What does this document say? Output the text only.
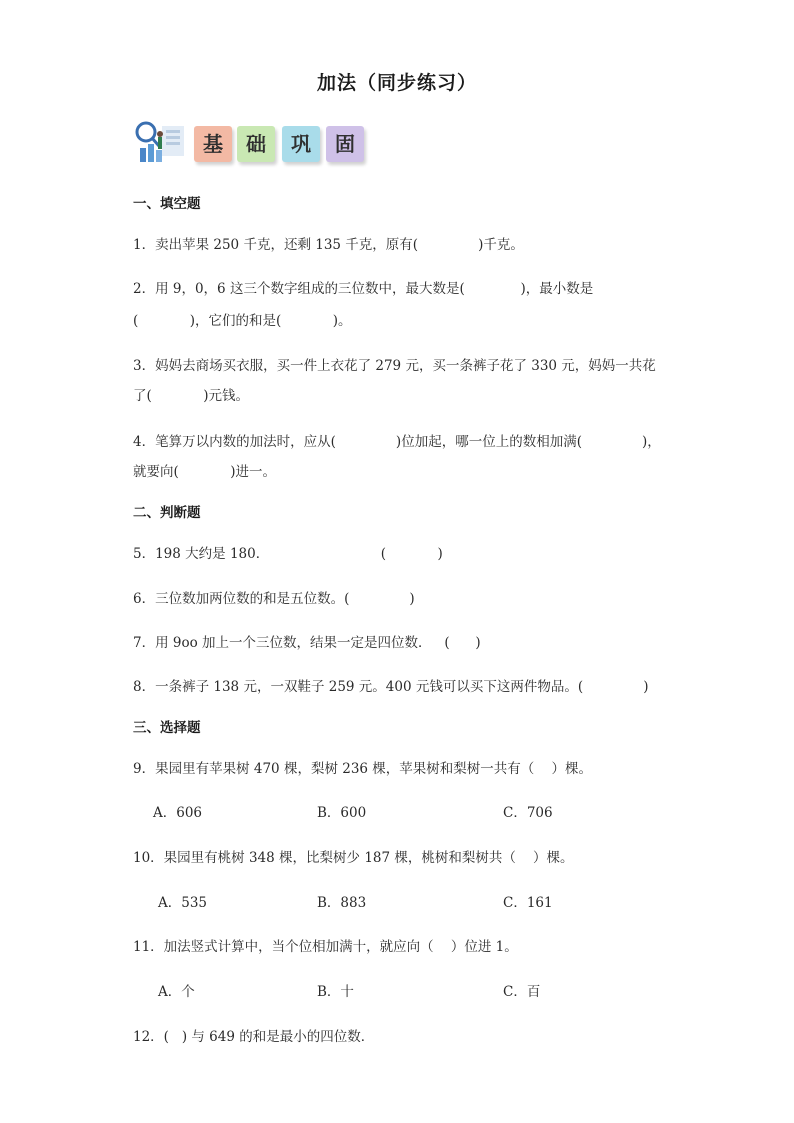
加法（同步练习）
基	础	巩	固
一、填空题
1．卖出苹果 250 千克，还剩 135 千克，原有(              )千克。
2．用 9，0，6 这三个数字组成的三位数中，最大数是(             )，最小数是
(            )，它们的和是(            )。
3．妈妈去商场买衣服，买一件上衣花了 279 元，买一条裤子花了 330 元，妈妈一共花
了(            )元钱。
4．笔算万以内数的加法时，应从(              )位加起，哪一位上的数相加满(              )，
就要向(            )进一。
二、判断题
5．198 大约是 180．                          (            )
6．三位数加两位数的和是五位数。(              )
7．用 9oo 加上一个三位数，结果一定是四位数．   (      )
8．一条裤子 138 元，一双鞋子 259 元。400 元钱可以买下这两件物品。(              )
三、选择题
9．果园里有苹果树 470 棵，梨树 236 棵，苹果树和梨树一共有（    ）棵。
A．606	B．600	C．706
10．果园里有桃树 348 棵，比梨树少 187 棵，桃树和梨树共（    ）棵。
A．535	B．883	C．161
11．加法竖式计算中，当个位相加满十，就应向（    ）位进 1。
A．个	B．十	C．百
12．(   ) 与 649 的和是最小的四位数．
